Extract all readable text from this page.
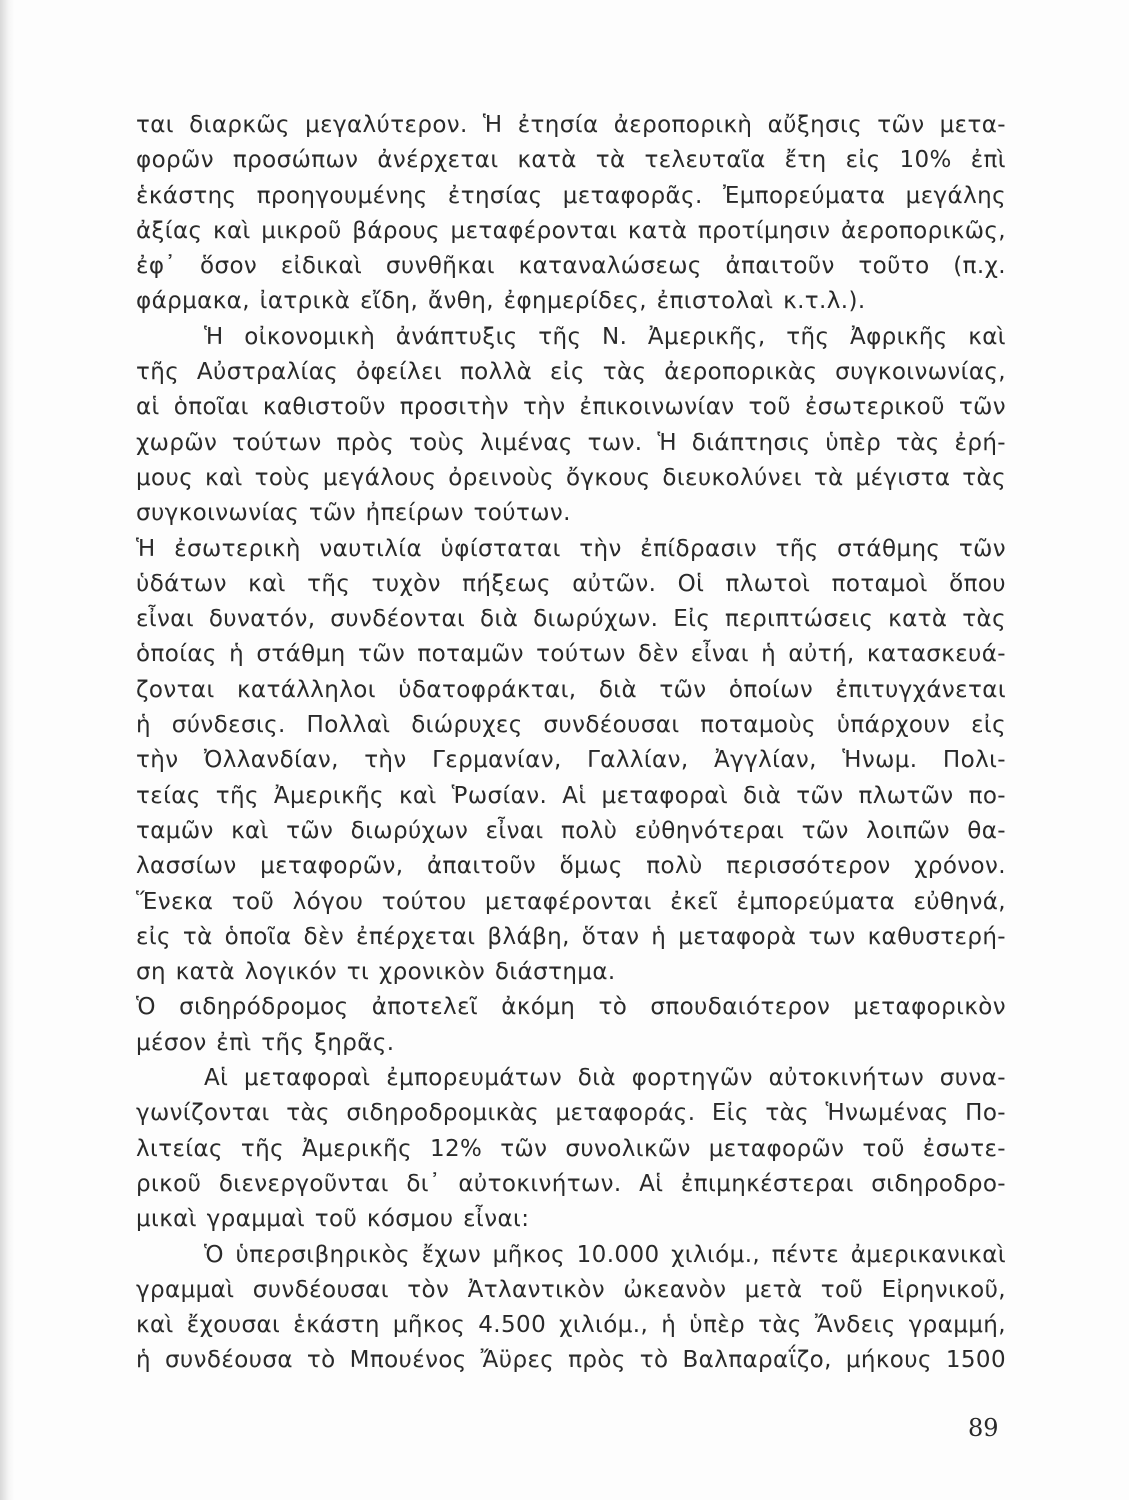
ται διαρκῶς μεγαλύτερον. Ἡ ἐτησία ἀεροπορικὴ αὔξησις τῶν μετα-
φορῶν προσώπων ἀνέρχεται κατὰ τὰ τελευταῖα ἔτη εἰς 10% ἐπὶ
ἑκάστης προηγουμένης ἐτησίας μεταφορᾶς. Ἐμπορεύματα μεγάλης
ἀξίας καὶ μικροῦ βάρους μεταφέρονται κατὰ προτίμησιν ἀεροπορικῶς,
ἐφ᾽ ὅσον εἰδικαὶ συνθῆκαι καταναλώσεως ἀπαιτοῦν τοῦτο (π.χ.
φάρμακα, ἰατρικὰ εἴδη, ἄνθη, ἐφημερίδες, ἐπιστολαὶ κ.τ.λ.).
Ἡ οἰκονομικὴ ἀνάπτυξις τῆς Ν. Ἀμερικῆς, τῆς Ἀφρικῆς καὶ
τῆς Αὐστραλίας ὀφείλει πολλὰ εἰς τὰς ἀεροπορικὰς συγκοινωνίας,
αἱ ὁποῖαι καθιστοῦν προσιτὴν τὴν ἐπικοινωνίαν τοῦ ἐσωτερικοῦ τῶν
χωρῶν τούτων πρὸς τοὺς λιμένας των. Ἡ διάπτησις ὑπὲρ τὰς ἐρή-
μους καὶ τοὺς μεγάλους ὀρεινοὺς ὄγκους διευκολύνει τὰ μέγιστα τὰς
συγκοινωνίας τῶν ἠπείρων τούτων.
Ἡ ἐσωτερικὴ ναυτιλία ὑφίσταται τὴν ἐπίδρασιν τῆς στάθμης τῶν
ὑδάτων καὶ τῆς τυχὸν πήξεως αὐτῶν. Οἱ πλωτοὶ ποταμοὶ ὅπου
εἶναι δυνατόν, συνδέονται διὰ διωρύχων. Εἰς περιπτώσεις κατὰ τὰς
ὁποίας ἡ στάθμη τῶν ποταμῶν τούτων δὲν εἶναι ἡ αὐτή, κατασκευά-
ζονται κατάλληλοι ὑδατοφράκται, διὰ τῶν ὁποίων ἐπιτυγχάνεται
ἡ σύνδεσις. Πολλαὶ διώρυχες συνδέουσαι ποταμοὺς ὑπάρχουν εἰς
τὴν Ὀλλανδίαν, τὴν Γερμανίαν, Γαλλίαν, Ἀγγλίαν, Ἡνωμ. Πολι-
τείας τῆς Ἀμερικῆς καὶ Ῥωσίαν. Αἱ μεταφοραὶ διὰ τῶν πλωτῶν πο-
ταμῶν καὶ τῶν διωρύχων εἶναι πολὺ εὐθηνότεραι τῶν λοιπῶν θα-
λασσίων μεταφορῶν, ἀπαιτοῦν ὅμως πολὺ περισσότερον χρόνον.
Ἕνεκα τοῦ λόγου τούτου μεταφέρονται ἐκεῖ ἐμπορεύματα εὐθηνά,
εἰς τὰ ὁποῖα δὲν ἐπέρχεται βλάβη, ὅταν ἡ μεταφορὰ των καθυστερή-
ση κατὰ λογικόν τι χρονικὸν διάστημα.
Ὁ σιδηρόδρομος ἀποτελεῖ ἀκόμη τὸ σπουδαιότερον μεταφορικὸν
μέσον ἐπὶ τῆς ξηρᾶς.
Αἱ μεταφοραὶ ἐμπορευμάτων διὰ φορτηγῶν αὐτοκινήτων συνα-
γωνίζονται τὰς σιδηροδρομικὰς μεταφοράς. Εἰς τὰς Ἡνωμένας Πο-
λιτείας τῆς Ἀμερικῆς 12% τῶν συνολικῶν μεταφορῶν τοῦ ἐσωτε-
ρικοῦ διενεργοῦνται δι᾽ αὐτοκινήτων. Αἱ ἐπιμηκέστεραι σιδηροδρο-
μικαὶ γραμμαὶ τοῦ κόσμου εἶναι:
Ὁ ὑπερσιβηρικὸς ἔχων μῆκος 10.000 χιλιόμ., πέντε ἀμερικανικαὶ
γραμμαὶ συνδέουσαι τὸν Ἀτλαντικὸν ὠκεανὸν μετὰ τοῦ Εἰρηνικοῦ,
καὶ ἔχουσαι ἑκάστη μῆκος 4.500 χιλιόμ., ἡ ὑπὲρ τὰς Ἄνδεις γραμμή,
ἡ συνδέουσα τὸ Μπουένος Ἄϋρες πρὸς τὸ Βαλπαραΐζο, μήκους 1500
89
